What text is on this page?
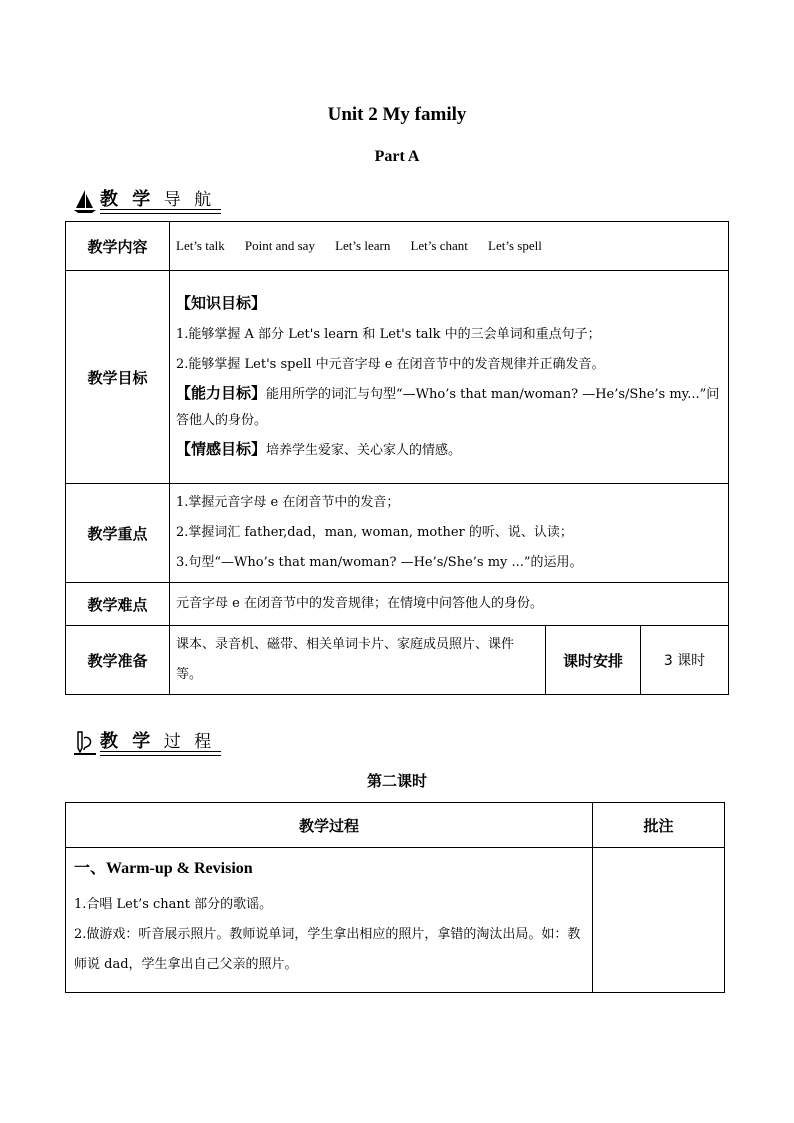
Unit 2 My family
Part A
教 学 导 航
教学内容	Let’s talk Point and say Let’s learn Let’s chant Let’s spell		
教学目标	【知识目标】
1.能够掌握 A 部分 Let's learn 和 Let's talk 中的三会单词和重点句子；
2.能够掌握 Let's spell 中元音字母 e 在闭音节中的发音规律并正确发音。
【能力目标】能用所学的词汇与句型“—Who’s that man/woman? —He’s/She’s my...”问答他人的身份。
【情感目标】培养学生爱家、关心家人的情感。		

教学重点	1.掌握元音字母 e 在闭音节中的发音；
2.掌握词汇 father,dad，man, woman, mother 的听、说、认读；
3.句型“—Who’s that man/woman? —He’s/She’s my ...”的运用。		

教学难点	元音字母 e 在闭音节中的发音规律；在情境中问答他人的身份。		
教学准备	课本、录音机、磁带、相关单词卡片、家庭成员照片、课件等。	课时安排	3 课时
教 学 过 程
第二课时
教学过程	批注

一、Warm-up & Revision
1.合唱 Let’s chant 部分的歌谣。
2.做游戏：听音展示照片。教师说单词，学生拿出相应的照片，拿错的淘汰出局。如：教师说 dad，学生拿出自己父亲的照片。	
